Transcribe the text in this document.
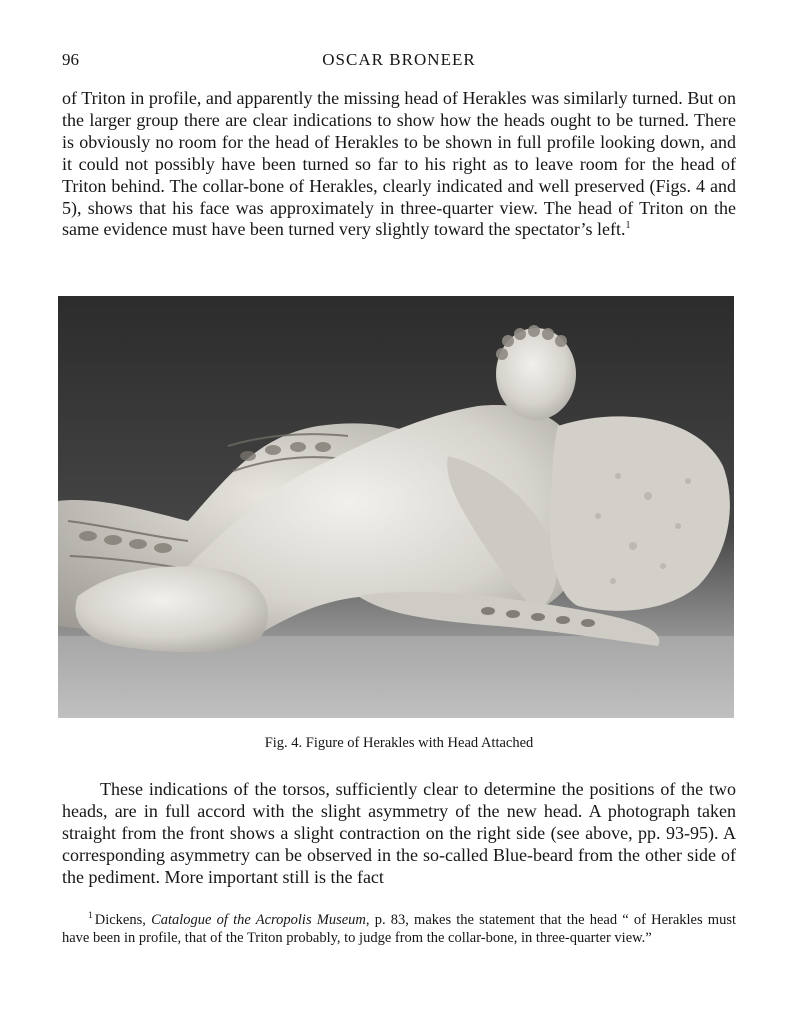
96	OSCAR BRONEER

of Triton in profile, and apparently the missing head of Herakles was similarly turned. But on the larger group there are clear indications to show how the heads ought to be turned. There is obviously no room for the head of Herakles to be shown in full profile looking down, and it could not possibly have been turned so far to his right as to leave room for the head of Triton behind. The collar-bone of Herakles, clearly indicated and well preserved (Figs. 4 and 5), shows that his face was approximately in three-quarter view. The head of Triton on the same evidence must have been turned very slightly toward the spectator’s left.$^1$

Fig. 4. Figure of Herakles with Head Attached

These indications of the torsos, sufficiently clear to determine the positions of the two heads, are in full accord with the slight asymmetry of the new head. A photograph taken straight from the front shows a slight contraction on the right side (see above, pp. 93-95). A corresponding asymmetry can be observed in the so-called Blue-beard from the other side of the pediment. More important still is the fact

$^1$ Dickens, Catalogue of the Acropolis Museum, p. 83, makes the statement that the head “ of Herakles must have been in profile, that of the Triton probably, to judge from the collar-bone, in three-quarter view.”
